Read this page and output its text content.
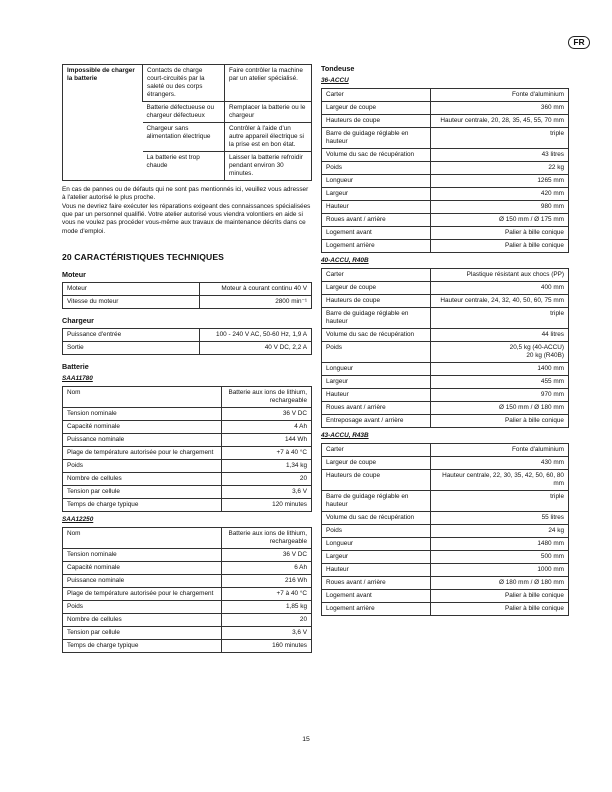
FR
Impossible de charger la batterie	Contacts de charge court-circuités par la saleté ou des corps étrangers.	Faire contrôler la machine par un atelier spécialisé.
	Batterie défectueuse ou chargeur défectueux	Remplacer la batterie ou le chargeur
	Chargeur sans alimentation électrique	Contrôler à l'aide d'un autre appareil électrique si la prise est en bon état.
	La batterie est trop chaude	Laisser la batterie refroidir pendant environ 30 minutes.
En cas de pannes ou de défauts qui ne sont pas mentionnés ici, veuillez vous adresser à l'atelier autorisé le plus proche.
Vous ne devriez faire exécuter les réparations exigeant des connaissances spécialisées que par un personnel qualifié. Votre atelier autorisé vous viendra volontiers en aide si vous ne voulez pas procéder vous-même aux travaux de maintenance décrits dans ce mode d'emploi.
20 CARACTÉRISTIQUES TECHNIQUES
Moteur
Moteur	Moteur à courant continu 40 V
Vitesse du moteur	2800 min⁻¹
Chargeur
Puissance d'entrée	100 - 240 V AC, 50-60 Hz, 1,9 A
Sortie	40 V DC, 2,2 A
Batterie
SAA11780
Nom	Batterie aux ions de lithium, rechargeable
Tension nominale	36 V DC
Capacité nominale	4 Ah
Puissance nominale	144 Wh
Plage de température autorisée pour le chargement	+7 à 40 °C
Poids	1,34 kg
Nombre de cellules	20
Tension par cellule	3,6 V
Temps de charge typique	120 minutes
SAA12250
Nom	Batterie aux ions de lithium, rechargeable
Tension nominale	36 V DC
Capacité nominale	6 Ah
Puissance nominale	216 Wh
Plage de température autorisée pour le chargement	+7 à 40 °C
Poids	1,85 kg
Nombre de cellules	20
Tension par cellule	3,6 V
Temps de charge typique	160 minutes
Tondeuse
36-ACCU
Carter	Fonte d'aluminium
Largeur de coupe	360 mm
Hauteurs de coupe	Hauteur centrale, 20, 28, 35, 45, 55, 70 mm
Barre de guidage réglable en hauteur	triple
Volume du sac de récupération	43 litres
Poids	22 kg
Longueur	1265 mm
Largeur	420 mm
Hauteur	980 mm
Roues avant / arrière	Ø 150 mm / Ø 175 mm
Logement avant	Palier à bille conique
Logement arrière	Palier à bille conique
40-ACCU, R40B
Carter	Plastique résistant aux chocs (PP)
Largeur de coupe	400 mm
Hauteurs de coupe	Hauteur centrale, 24, 32, 40, 50, 60, 75 mm
Barre de guidage réglable en hauteur	triple
Volume du sac de récupération	44 litres
Poids	20,5 kg (40-ACCU)
20 kg (R40B)
Longueur	1400 mm
Largeur	455 mm
Hauteur	970 mm
Roues avant / arrière	Ø 150 mm / Ø 180 mm
Entreposage avant / arrière	Palier à bille conique
43-ACCU, R43B
Carter	Fonte d'aluminium
Largeur de coupe	430 mm
Hauteurs de coupe	Hauteur centrale, 22, 30, 35, 42, 50, 60, 80 mm
Barre de guidage réglable en hauteur	triple
Volume du sac de récupération	55 litres
Poids	24 kg
Longueur	1480 mm
Largeur	500 mm
Hauteur	1000 mm
Roues avant / arrière	Ø 180 mm / Ø 180 mm
Logement avant	Palier à bille conique
Logement arrière	Palier à bille conique
15
